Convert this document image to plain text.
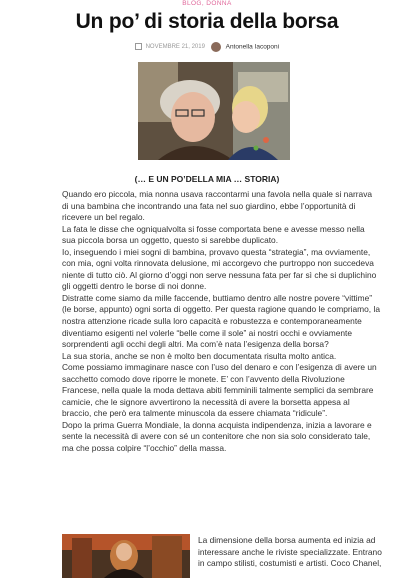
BLOG, DONNA
Un po’ di storia della borsa
NOVEMBRE 21, 2019	Antonella Iacoponi
(… E UN PO’DELLA MIA … STORIA)

Quando ero piccola, mia nonna usava raccontarmi una favola nella quale si narrava di una bambina che incontrando una fata nel suo giardino, ebbe l’opportunità di ricevere un bel regalo.

La fata le disse che ogniqualvolta si fosse comportata bene e avesse messo nella sua piccola borsa un oggetto, questo si sarebbe duplicato.

Io, inseguendo i miei sogni di bambina, provavo questa “strategia”, ma ovviamente, con mia, ogni volta rinnovata delusione, mi accorgevo che purtroppo non succedeva niente di tutto ciò. Al giorno d’oggi non serve nessuna fata per far sì che si duplichino gli oggetti dentro le borse di noi donne.

Distratte come siamo da mille faccende, buttiamo dentro alle nostre povere “vittime” (le borse, appunto) ogni sorta di oggetto. Per questa ragione quando le compriamo, la nostra attenzione ricade sulla loro capacità e robustezza e contemporaneamente diventiamo esigenti nel volerle “belle come il sole” ai nostri occhi e ovviamente sorprendenti agli occhi degli altri. Ma com’è nata l’esigenza della borsa?

La sua storia, anche se non è molto ben documentata risulta molto antica.

Come possiamo immaginare nasce con l’uso del denaro e con l’esigenza di avere un sacchetto comodo dove riporre le monete. E’ con l’avvento della Rivoluzione Francese, nella quale la moda dettava abiti femminili talmente semplici da sembrare camicie, che le signore avvertirono la necessità di avere la borsetta appesa al braccio, che però era talmente minuscola da essere chiamata “ridicule”.

Dopo la prima Guerra Mondiale, la donna acquista indipendenza, inizia a lavorare e sente la necessità di avere con sé un contenitore che non sia solo considerato tale, ma che possa colpire “l’occhio” della massa.

La dimensione della borsa aumenta ed inizia ad interessare anche le riviste specializzate. Entrano in campo stilisti, costumisti e artisti. Coco Chanel,
